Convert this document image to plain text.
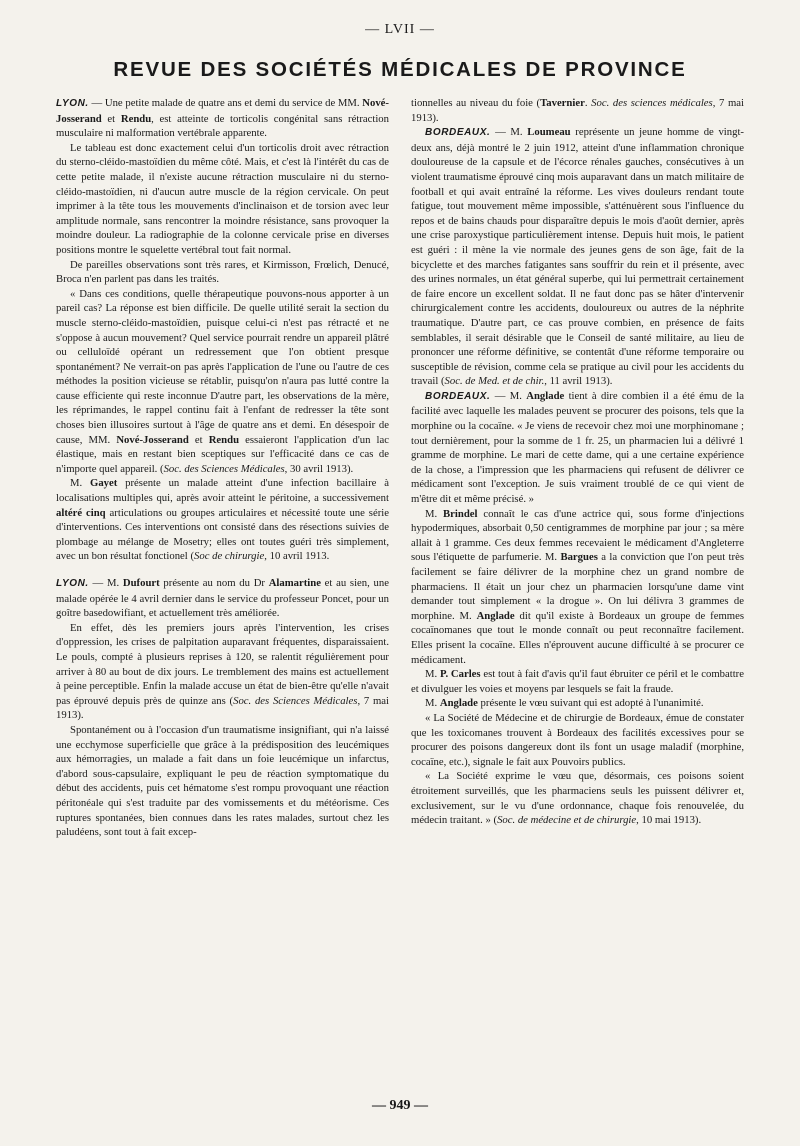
— LVII —
REVUE DES SOCIÉTÉS MÉDICALES DE PROVINCE

LYON. — Une petite malade de quatre ans et demi du service de MM. Nové-Josserand et Rendu, est atteinte de torticolis congénital sans rétraction musculaire ni malformation vertébrale apparente.

Le tableau est donc exactement celui d'un torticolis droit avec rétraction du sterno-cléido-mastoïdien du même côté. Mais, et c'est là l'intérêt du cas de cette petite malade, il n'existe aucune rétraction musculaire ni du sterno-cléido-mastoïdien, ni d'aucun autre muscle de la région cervicale. On peut imprimer à la tête tous les mouvements d'inclinaison et de torsion avec leur amplitude normale, sans rencontrer la moindre résistance, sans provoquer la moindre douleur. La radiographie de la colonne cervicale prise en diverses positions montre le squelette vertébral tout fait normal.

De pareilles observations sont très rares, et Kirmisson, Frœlich, Denucé, Broca n'en parlent pas dans les traités.

« Dans ces conditions, quelle thérapeutique pouvons-nous apporter à un pareil cas? La réponse est bien difficile. De quelle utilité serait la section du muscle sterno-cléido-mastoïdien, puisque celui-ci n'est pas rétracté et ne s'oppose à aucun mouvement? Quel service pourrait rendre un appareil plâtré ou celluloïdé opérant un redressement que l'on obtient presque spontanément? Ne verrait-on pas après l'application de l'une ou l'autre de ces méthodes la position vicieuse se rétablir, puisqu'on n'aura pas lutté contre la cause efficiente qui reste inconnue D'autre part, les observations de la mère, les réprimandes, le rappel continu fait à l'enfant de redresser la tête sont choses bien illusoires surtout à l'âge de quatre ans et demi. En désespoir de cause, MM. Nové-Josserand et Rendu essaieront l'application d'un lac élastique, mais en restant bien sceptiques sur l'efficacité dans ce cas de n'importe quel appareil. (Soc. des Sciences Médicales, 30 avril 1913).

M. Gayet présente un malade atteint d'une infection bacillaire à localisations multiples qui, après avoir atteint le péritoine, a successivement altéré cinq articulations ou groupes articulaires et nécessité toute une série d'interventions. Ces interventions ont consisté dans des résections suivies de plombage au mélange de Mosetry; elles ont toutes guéri très simplement, avec un bon résultat fonctionel (Soc de chirurgie, 10 avril 1913.

LYON. — M. Dufourt présente au nom du Dr Alamartine et au sien, une malade opérée le 4 avril dernier dans le service du professeur Poncet, pour un goître basedowifiant, et actuellement très améliorée.

En effet, dès les premiers jours après l'intervention, les crises d'oppression, les crises de palpitation auparavant fréquentes, disparaissaient. Le pouls, compté à plusieurs reprises à 120, se ralentit régulièrement pour arriver à 80 au bout de dix jours. Le tremblement des mains est actuellement à peine perceptible. Enfin la malade accuse un état de bien-être qu'elle n'avait pas éprouvé depuis près de quinze ans (Soc. des Sciences Médicales, 7 mai 1913).

Spontanément ou à l'occasion d'un traumatisme insignifiant, qui n'a laissé une ecchymose superficielle que grâce à la prédisposition des leucémiques aux hémorragies, un malade a fait dans un foie leucémique un infarctus, d'abord sous-capsulaire, expliquant le peu de réaction symptomatique du début des accidents, puis cet hématome s'est rompu provoquant une réaction péritonéale qui s'est traduite par des vomissements et du météorisme. Ces ruptures spontanées, bien connues dans les rates malades, surtout chez les paludéens, sont tout à fait excep-

tionnelles au niveau du foie (Tavernier. Soc. des sciences médicales, 7 mai 1913).

BORDEAUX. — M. Loumeau représente un jeune homme de vingt-deux ans, déjà montré le 2 juin 1912, atteint d'une inflammation chronique douloureuse de la capsule et de l'écorce rénales gauches, consécutives à un violent traumatisme éprouvé cinq mois auparavant dans un match militaire de football et qui avait entraîné la réforme. Les vives douleurs rendant toute fatigue, tout mouvement même impossible, s'atténuèrent sous l'influence du repos et de bains chauds pour disparaître depuis le mois d'août dernier, après une crise paroxystique particulièrement intense. Depuis huit mois, le patient est guéri : il mène la vie normale des jeunes gens de son âge, fait de la bicyclette et des marches fatigantes sans souffrir du rein et il présente, avec des urines normales, un état général superbe, qui lui permettrait certainement de faire encore un excellent soldat. Il ne faut donc pas se hâter d'intervenir chirurgicalement contre les accidents, douloureux ou autres de la néphrite traumatique. D'autre part, ce cas prouve combien, en présence de faits semblables, il serait désirable que le Conseil de santé militaire, au lieu de prononcer une réforme définitive, se contentât d'une réforme temporaire ou susceptible de révision, comme cela se pratique au civil pour les accidents du travail (Soc. de Med. et de chir., 11 avril 1913).

BORDEAUX. — M. Anglade tient à dire combien il a été ému de la facilité avec laquelle les malades peuvent se procurer des poisons, tels que la morphine ou la cocaïne. « Je viens de recevoir chez moi une morphinomane ; tout dernièrement, pour la somme de 1 fr. 25, un pharmacien lui a délivré 1 gramme de morphine. Le mari de cette dame, qui a une certaine expérience de la chose, a l'impression que les pharmaciens qui refusent de délivrer ce médicament sont l'exception. Je suis vraiment troublé de ce qui vient de m'être dit et même précisé. »

M. Brindel connaît le cas d'une actrice qui, sous forme d'injections hypodermiques, absorbait 0,50 centigrammes de morphine par jour ; sa mère allait à 1 gramme. Ces deux femmes recevaient le médicament d'Angleterre sous l'étiquette de parfumerie. M. Bargues a la conviction que l'on peut très facilement se faire délivrer de la morphine chez un grand nombre de pharmaciens. Il était un jour chez un pharmacien lorsqu'une dame vint demander tout simplement « la drogue ». On lui délivra 3 grammes de morphine. M. Anglade dit qu'il existe à Bordeaux un groupe de femmes cocaïnomanes que tout le monde connaît ou peut reconnaître facilement. Elles prisent la cocaïne. Elles n'éprouvent aucune difficulté à se procurer ce médicament.

M. P. Carles est tout à fait d'avis qu'il faut ébruiter ce péril et le combattre et divulguer les voies et moyens par lesquels se fait la fraude.

M. Anglade présente le vœu suivant qui est adopté à l'unanimité.

« La Société de Médecine et de chirurgie de Bordeaux, émue de constater que les toxicomanes trouvent à Bordeaux des facilités excessives pour se procurer des poisons dangereux dont ils font un usage maladif (morphine, cocaïne, etc.), signale le fait aux Pouvoirs publics.

« La Société exprime le vœu que, désormais, ces poisons soient étroitement surveillés, que les pharmaciens seuls les puissent délivrer et, exclusivement, sur le vu d'une ordonnance, chaque fois renouvelée, du médecin traitant. » (Soc. de médecine et de chirurgie, 10 mai 1913).

— 949 —
